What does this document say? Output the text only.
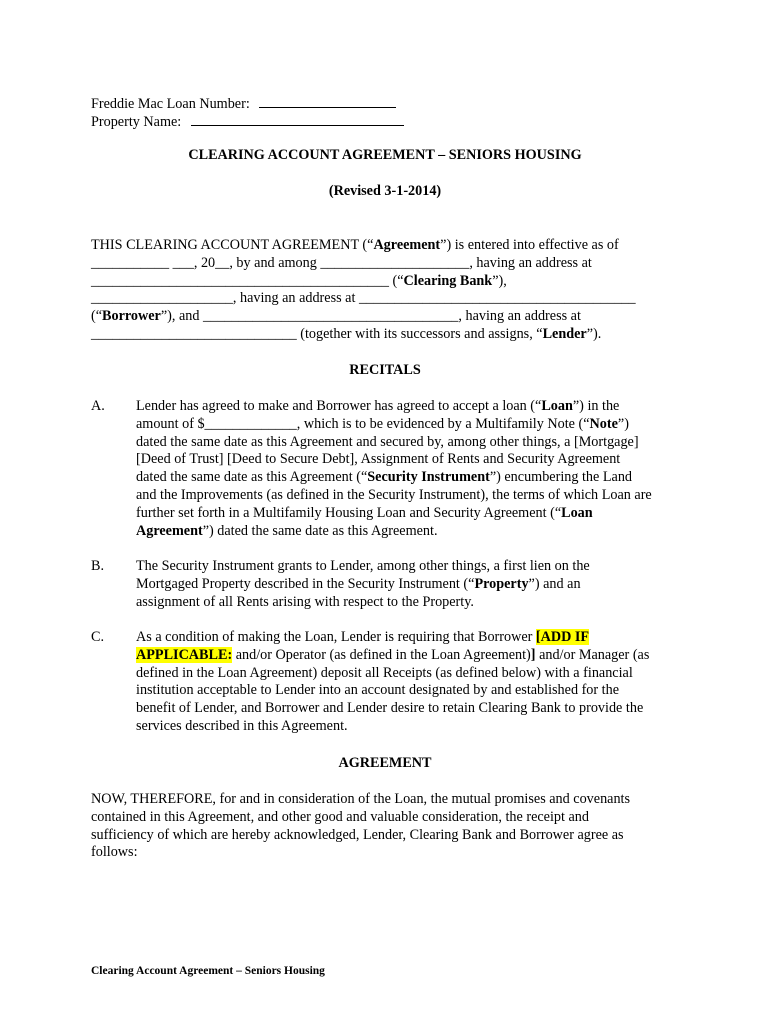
Freddie Mac Loan Number:
Property Name:
CLEARING ACCOUNT AGREEMENT – SENIORS HOUSING
(Revised 3-1-2014)
THIS CLEARING ACCOUNT AGREEMENT (“Agreement”) is entered into effective as of
___________ ___, 20__, by and among _____________________, having an address at
__________________________________________ (“Clearing Bank”),
____________________, having an address at _______________________________________
(“Borrower”), and ____________________________________, having an address at
_____________________________ (together with its successors and assigns, “Lender”).
RECITALS
A. Lender has agreed to make and Borrower has agreed to accept a loan (“Loan”) in the
amount of $_____________, which is to be evidenced by a Multifamily Note (“Note”)
dated the same date as this Agreement and secured by, among other things, a [Mortgage]
[Deed of Trust] [Deed to Secure Debt], Assignment of Rents and Security Agreement
dated the same date as this Agreement (“Security Instrument”) encumbering the Land
and the Improvements (as defined in the Security Instrument), the terms of which Loan are
further set forth in a Multifamily Housing Loan and Security Agreement (“Loan
Agreement”) dated the same date as this Agreement.
B. The Security Instrument grants to Lender, among other things, a first lien on the
Mortgaged Property described in the Security Instrument (“Property”) and an
assignment of all Rents arising with respect to the Property.
C. As a condition of making the Loan, Lender is requiring that Borrower [ADD IF
APPLICABLE: and/or Operator (as defined in the Loan Agreement)] and/or Manager (as
defined in the Loan Agreement) deposit all Receipts (as defined below) with a financial
institution acceptable to Lender into an account designated by and established for the
benefit of Lender, and Borrower and Lender desire to retain Clearing Bank to provide the
services described in this Agreement.
AGREEMENT
NOW, THEREFORE, for and in consideration of the Loan, the mutual promises and covenants
contained in this Agreement, and other good and valuable consideration, the receipt and
sufficiency of which are hereby acknowledged, Lender, Clearing Bank and Borrower agree as
follows:
Clearing Account Agreement – Seniors Housing
